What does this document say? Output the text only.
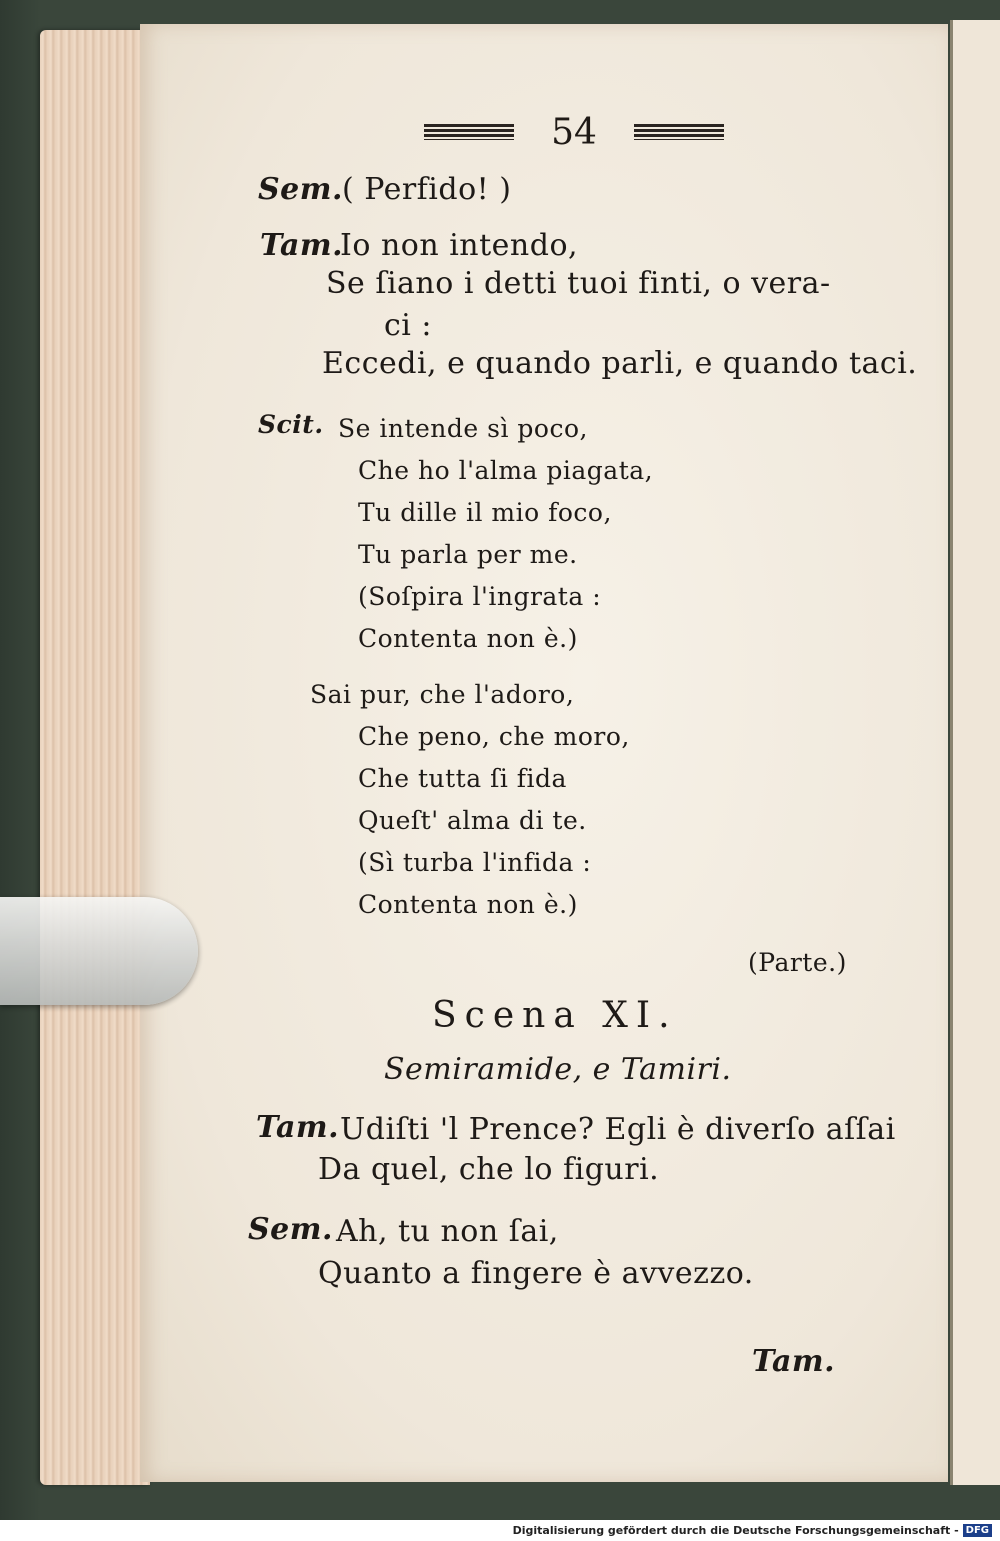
54
Sem. ( Perfido! )
Tam.
Io non intendo,
Se ſiano i detti tuoi finti, o vera-
ci :
Eccedi, e quando parli, e quando taci.
Scit. Se intende sì poco,
Che ho l'alma piagata,
Tu dille il mio foco,
Tu parla per me.
(Soſpira l'ingrata :
Contenta non è.)
Sai pur, che l'adoro,
Che peno, che moro,
Che tutta ſi fida
Queſt' alma di te.
(Sì turba l'infida :
Contenta non è.)
(Parte.)
Scena XI.
Semiramide, e Tamiri.
Tam. Udiſti 'l Prence? Egli è diverſo aſſai
Da quel, che lo figuri.
Sem. Ah, tu non ſai,
Quanto a fingere è avvezzo.
Tam.
Digitalisierung gefördert durch die Deutsche Forschungsgemeinschaft - DFG
